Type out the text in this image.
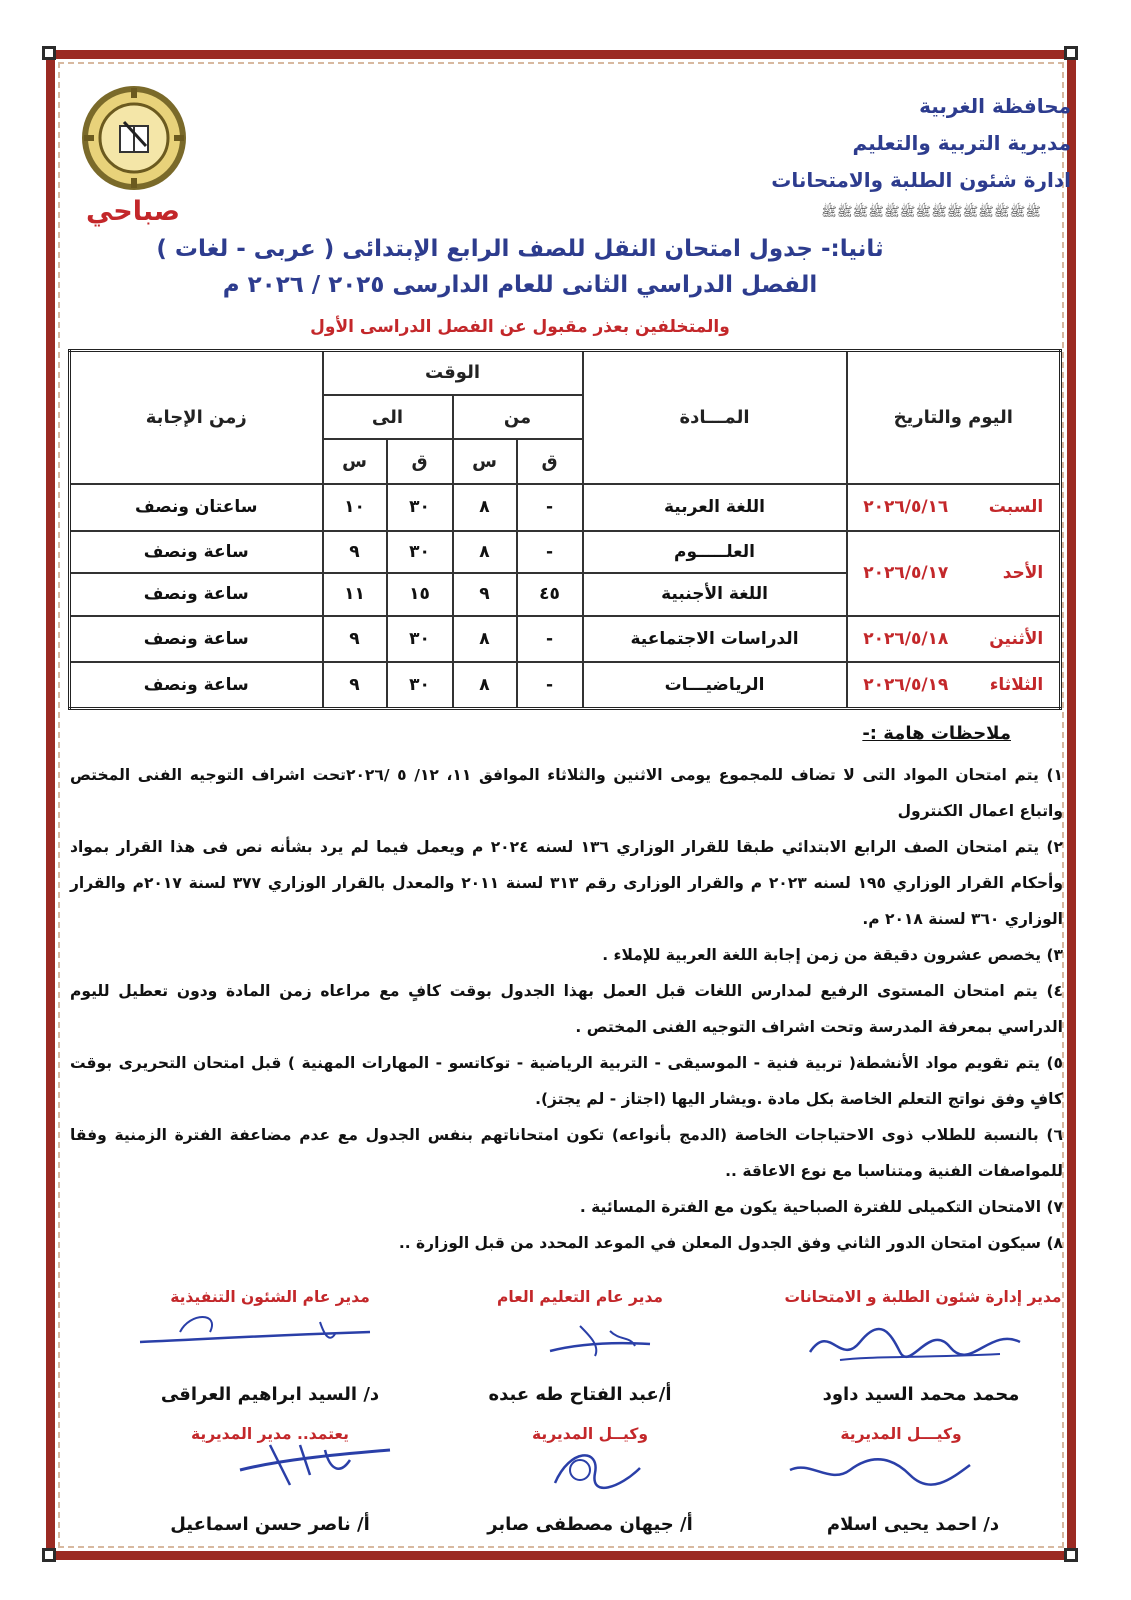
محافظة الغربية
مديرية التربية والتعليم
ادارة شئون الطلبة والامتحانات
ﷺﷺﷺﷺﷺﷺﷺﷺﷺﷺﷺﷺﷺﷺ
صباحي
ثانيا:- جدول امتحان النقل للصف الرابع الإبتدائى ( عربى - لغات )
الفصل الدراسي الثانى للعام الدارسى ٢٠٢٥ / ٢٠٢٦ م
والمتخلفين بعذر مقبول عن الفصل الدراسى الأول
اليوم والتاريخ	المـــادة	الوقت				زمن الإجابة
		من		الى		
		ق	س	ق	س	
السبت٢٠٢٦/٥/١٦	اللغة العربية	-	٨	٣٠	١٠	ساعتان ونصف
الأحد٢٠٢٦/٥/١٧	العلـــــوم	-	٨	٣٠	٩	ساعة ونصف
	اللغة الأجنبية	٤٥	٩	١٥	١١	ساعة ونصف
الأثنين٢٠٢٦/٥/١٨	الدراسات الاجتماعية	-	٨	٣٠	٩	ساعة ونصف
الثلاثاء٢٠٢٦/٥/١٩	الرياضيـــات	-	٨	٣٠	٩	ساعة ونصف
ملاحظات هامة :-

١) يتم امتحان المواد التى لا تضاف للمجموع يومى الاثنين والثلاثاء الموافق ١١، ١٢/ ٥ /٢٠٢٦تحت اشراف التوجيه الفنى المختص واتباع اعمال الكنترول

٢) يتم امتحان الصف الرابع الابتدائي طبقا للقرار الوزاري ١٣٦ لسنه ٢٠٢٤ م ويعمل فيما لم يرد بشأنه نص فى هذا القرار بمواد وأحكام القرار الوزاري ١٩٥ لسنه ٢٠٢٣ م والقرار الوزارى رقم ٣١٣ لسنة ٢٠١١ والمعدل بالقرار الوزاري ٣٧٧ لسنة ٢٠١٧م والقرار الوزاري ٣٦٠ لسنة ٢٠١٨ م.

٣) يخصص عشرون دقيقة من زمن إجابة اللغة العربية للإملاء .

٤) يتم امتحان المستوى الرفيع لمدارس اللغات قبل العمل بهذا الجدول بوقت كافٍ مع مراعاه زمن المادة ودون تعطيل لليوم الدراسي بمعرفة المدرسة وتحت اشراف التوجيه الفنى المختص .

٥) يتم تقويم مواد الأنشطة( تربية فنية - الموسيقى - التربية الرياضية - توكاتسو - المهارات المهنية ) قبل امتحان التحريرى بوقت كافٍ وفق نواتج التعلم الخاصة بكل مادة .ويشار اليها (اجتاز - لم يجتز).

٦) بالنسبة للطلاب ذوى الاحتياجات الخاصة (الدمج بأنواعه) تكون امتحاناتهم بنفس الجدول مع عدم مضاعفة الفترة الزمنية وفقا للمواصفات الفنية ومتناسبا مع نوع الاعاقة ..

٧) الامتحان التكميلى للفترة الصباحية يكون مع الفترة المسائية .

٨) سيكون امتحان الدور الثاني وفق الجدول المعلن في الموعد المحدد من قبل الوزارة ..

مدير إدارة شئون الطلبة و الامتحانات
محمد محمد السيد داود
مدير عام التعليم العام
أ/عبد الفتاح طه عبده
مدير عام الشئون التنفيذية
د/ السيد ابراهيم العراقى
وكيـــل المديرية
د/ احمد يحيى اسلام
وكيــل المديرية
أ/ جيهان مصطفى صابر
يعتمد.. مدير المديرية
أ/ ناصر حسن اسماعيل
